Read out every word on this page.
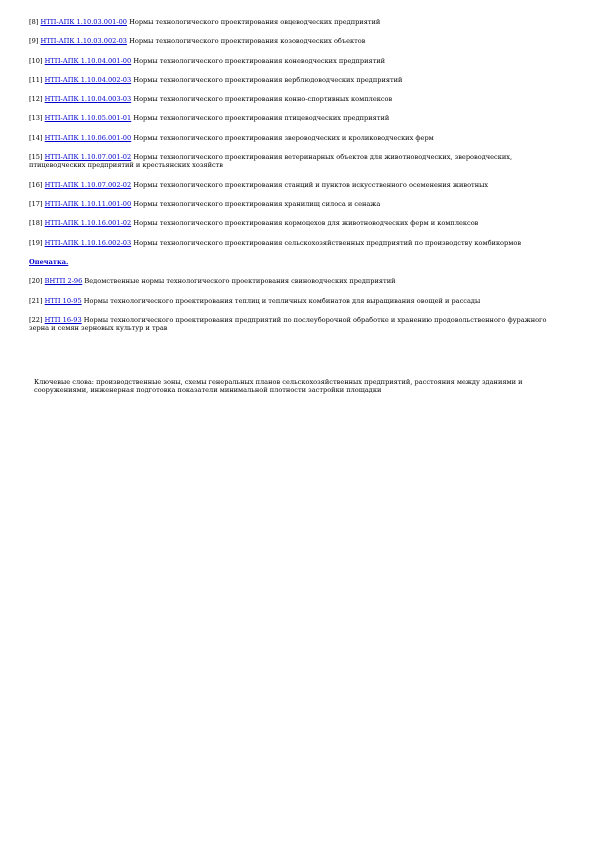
[8] НТП-АПК 1.10.03.001-00 Нормы технологического проектирования овцеводческих предприятий
[9] НТП-АПК 1.10.03.002-03 Нормы технологического проектирования козоводческих объектов
[10] НТП-АПК 1.10.04.001-00 Нормы технологического проектирования коневодческих предприятий
[11] НТП-АПК 1.10.04.002-03 Нормы технологического проектирования верблюдоводческих предприятий
[12] НТП-АПК 1.10.04.003-03 Нормы технологического проектирования конно-спортивных комплексов
[13] НТП-АПК 1.10.05.001-01 Нормы технологического проектирования птицеводческих предприятий
[14] НТП-АПК 1.10.06.001-00 Нормы технологического проектирования звероводческих и кролиководческих ферм
[15] НТП-АПК 1.10.07.001-02 Нормы технологического проектирования ветеринарных объектов для животноводческих, звероводческих, птицеводческих предприятий и крестьянских хозяйств
[16] НТП-АПК 1.10.07.002-02 Нормы технологического проектирования станций и пунктов искусственного осеменения животных
[17] НТП-АПК 1.10.11.001-00 Нормы технологического проектирования хранилищ силоса и сенажа
[18] НТП-АПК 1.10.16.001-02 Нормы технологического проектирования кормоцехов для животноводческих ферм и комплексов
[19] НТП-АПК 1.10.16.002-03 Нормы технологического проектирования сельскохозяйственных предприятий по производству комбикормов
Опечатка.
[20] ВНТП 2-96 Ведомственные нормы технологического проектирования свиноводческих предприятий
[21] НТП 10-95 Нормы технологического проектирования теплиц и тепличных комбинатов для выращивания овощей и рассады
[22] НТП 16-93 Нормы технологического проектирования предприятий по послеуборочной обработке и хранению продовольственного фуражного зерна и семян зерновых культур и трав
Ключевые слова: производственные зоны, схемы генеральных планов сельскохозяйственных предприятий, расстояния между зданиями и сооружениями, инженерная подготовка показатели минимальной плотности застройки площадки
